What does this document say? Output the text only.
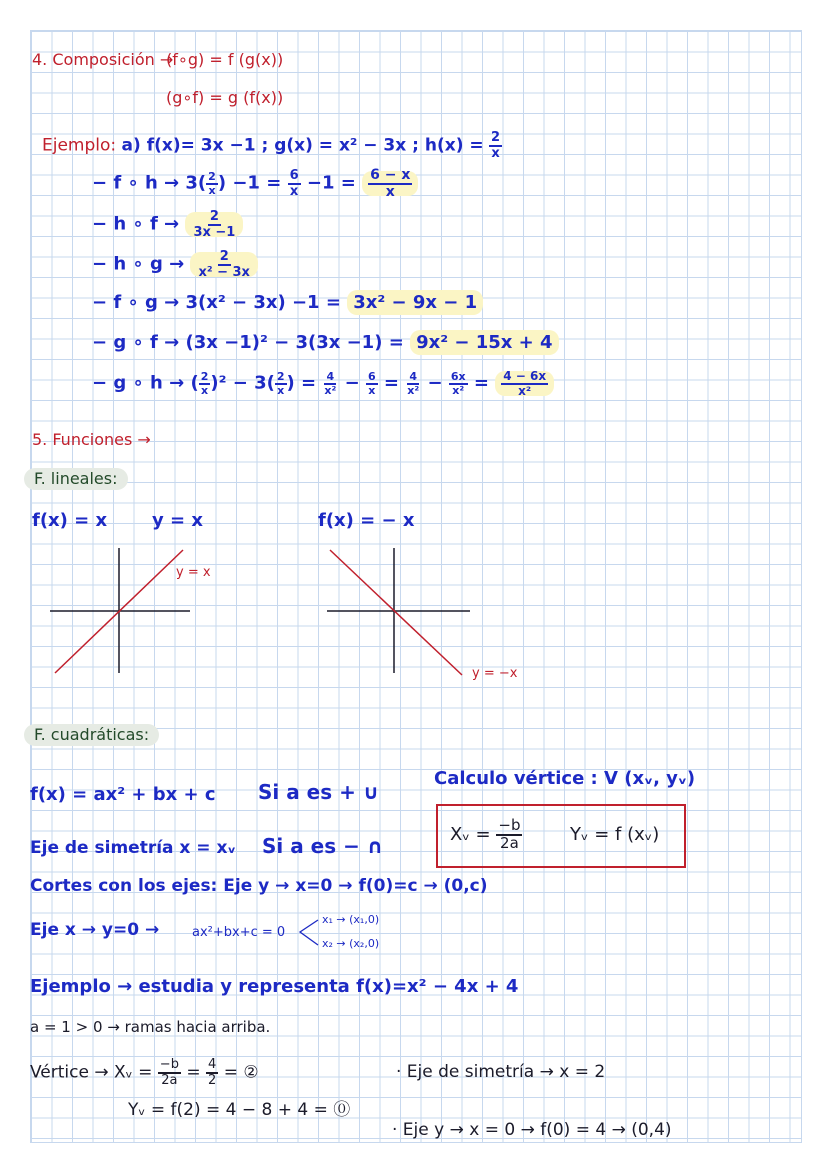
4. Composición →
(f∘g) = f (g(x))
(g∘f) = g (f(x))
Ejemplo: a) f(x)= 3x −1 ; g(x) = x² − 3x ; $h(x) = \frac{2}{x}$
− f ∘ $h \to 3( \frac{2}{x}$ ) $-1 = \frac{6}{x} -1 = \frac{6 - x}{x}$
− h ∘ $f \to \frac{2}{3x -1}$
− h ∘ $g \to \frac{2}{\text{x² − 3x}}$
− f ∘ g → 3(x² − 3x) −1 = 3x² − 9x − 1
− g ∘ f → (3x −1)² − 3(3x −1) = 9x² − 15x + 4
− g ∘ h → ( $\frac{2}{x} )^2 - 3( \frac{2}{x}$ ) = $\frac{4}{\text{x²}} - \frac{6}{x} = \frac{4}{\text{x²}} - \frac{6x}{\text{x²}} = \frac{4 - 6x}{\text{x²}}$
5. Funciones →
F. lineales:
f(x) = x y = x	f(x) = − x
y = x
y = −x
F. cuadráticas:
f(x) = ax² + bx + c Si a es + ∪
Calculo vértice : V (xᵥ, yᵥ)
Xᵥ = $\frac{-b}{2a}$	Yᵥ = f (xᵥ)
Eje de simetría x = xᵥ Si a es − ∩
Cortes con los ejes: Eje y → x=0 → f(0)=c → (0,c)
Eje x → y=0 →	ax²+bx+c = 0
x₁ → (x₁,0)
x₂ → (x₂,0)
Ejemplo → estudia y representa f(x)=x² − 4x + 4
a = 1 > 0 → ramas hacia arriba.
Vértice → Xᵥ = $\frac{-b}{2a} = \frac{4}{2}$ = ②	· Eje de simetría → x = 2
Yᵥ = f(2) = 4 − 8 + 4 = ⓪
· Eje y → x = 0 → f(0) = 4 → (0,4)
